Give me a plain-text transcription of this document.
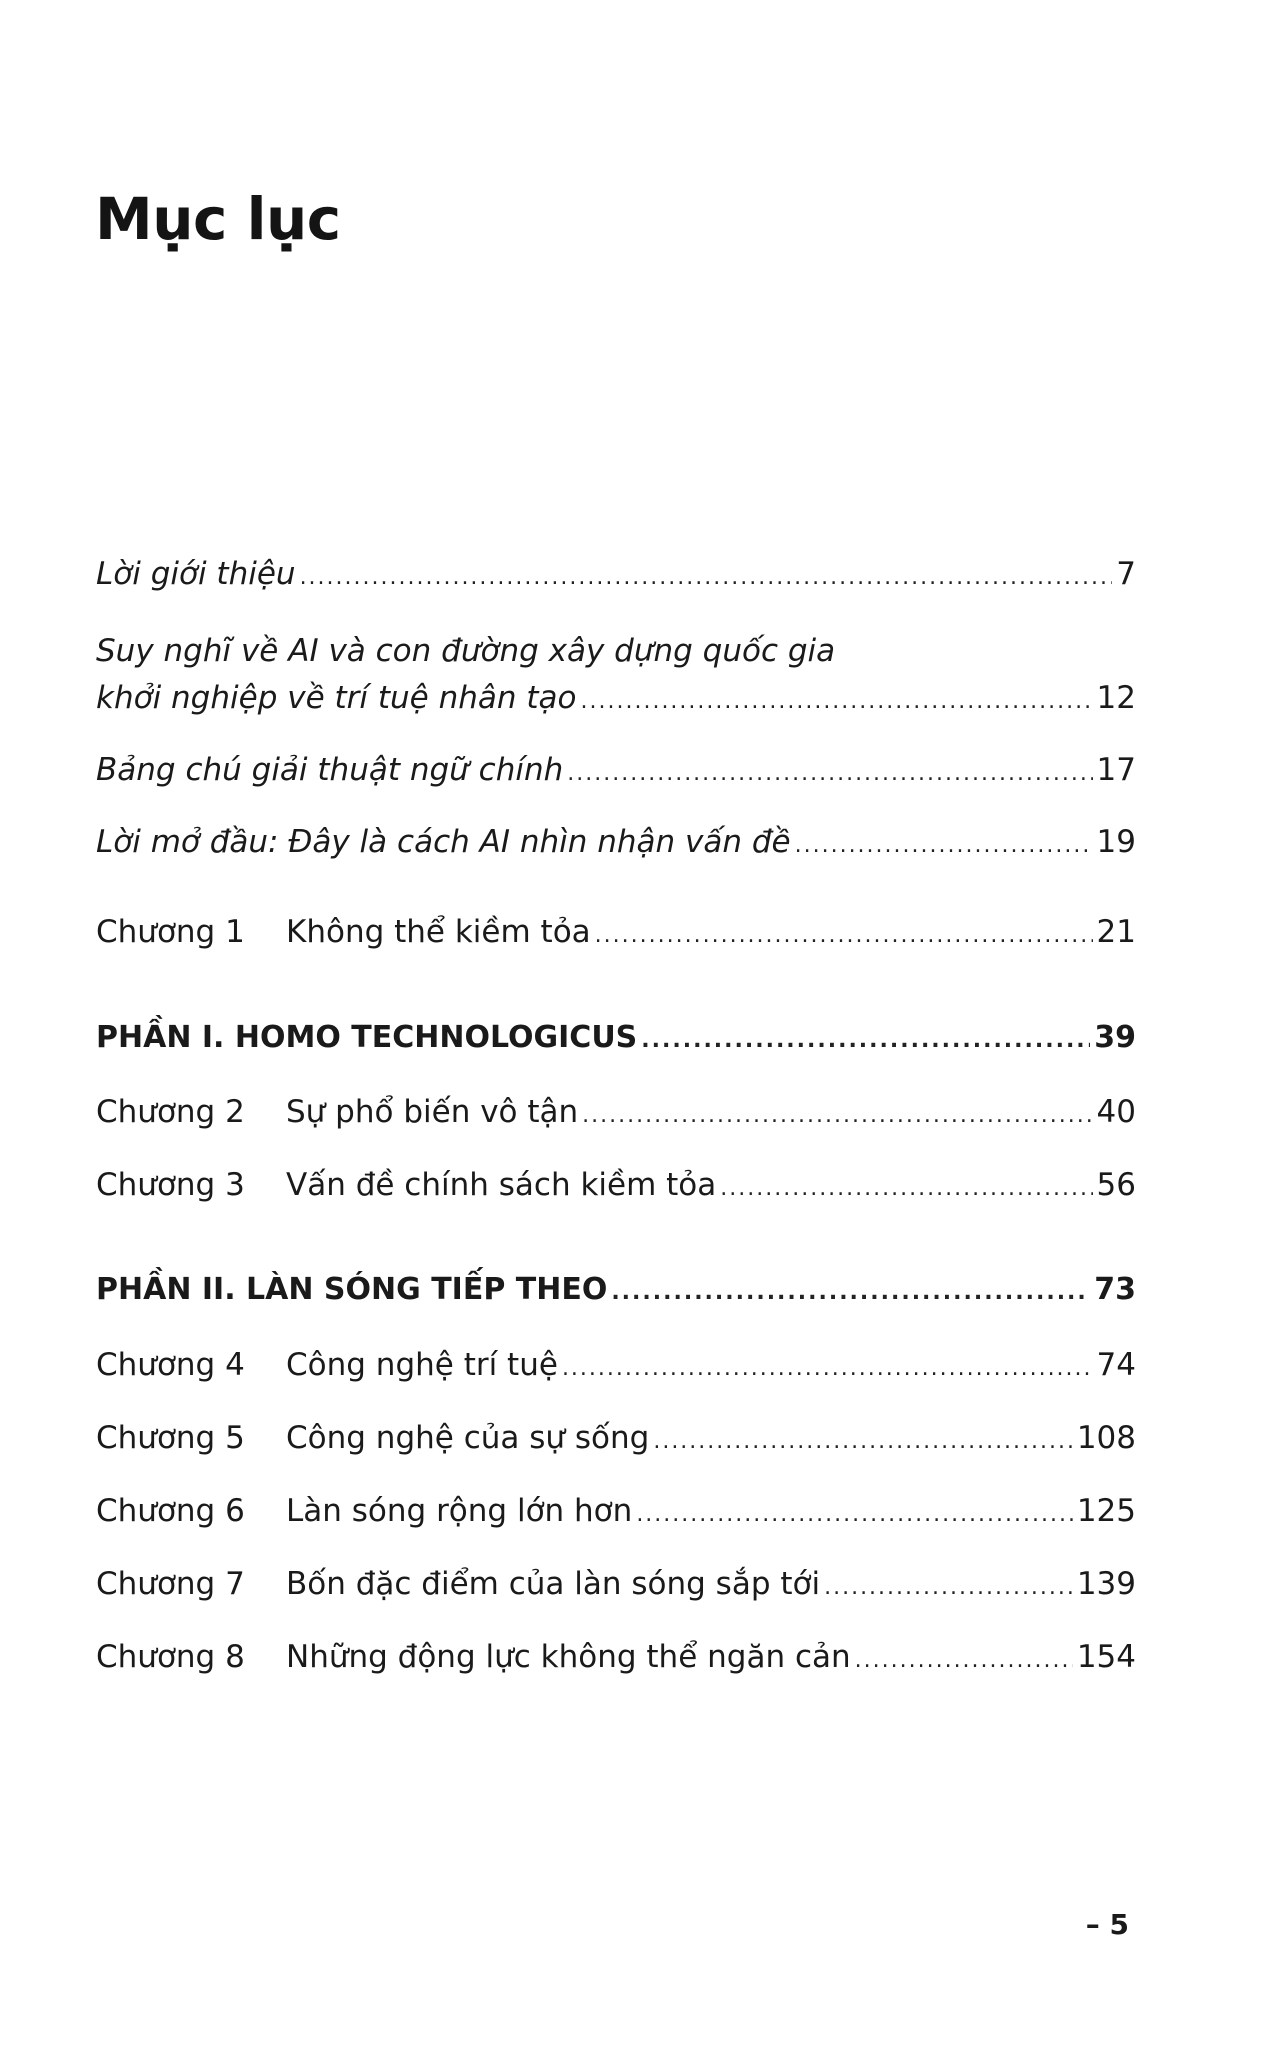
Mục lục
Lời giới thiệu .....	7
Suy nghĩ về AI và con đường xây dựng quốc gia
khởi nghiệp về trí tuệ nhân tạo .....	12
Bảng chú giải thuật ngữ chính .....	17
Lời mở đầu: Đây là cách AI nhìn nhận vấn đề .....	19
Chương 1	Không thể kiềm tỏa .....	21
PHẦN I. HOMO TECHNOLOGICUS .....	39
Chương 2	Sự phổ biến vô tận .....	40
Chương 3	Vấn đề chính sách kiềm tỏa .....	56
PHẦN II. LÀN SÓNG TIẾP THEO .....	73
Chương 4	Công nghệ trí tuệ .....	74
Chương 5	Công nghệ của sự sống .....	108
Chương 6	Làn sóng rộng lớn hơn .....	125
Chương 7	Bốn đặc điểm của làn sóng sắp tới .....	139
Chương 8	Những động lực không thể ngăn cản .....	154
– 5
